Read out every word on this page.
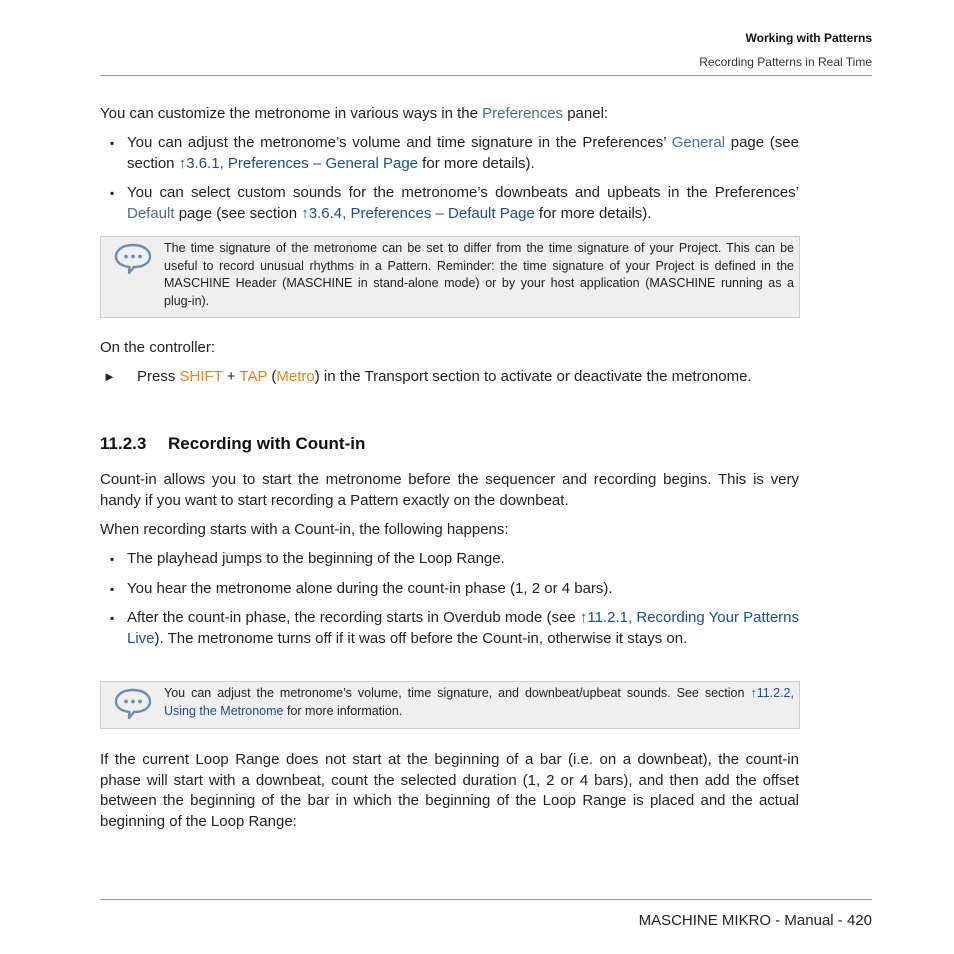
Working with Patterns
Recording Patterns in Real Time
You can customize the metronome in various ways in the Preferences panel:
▪ You can adjust the metronome’s volume and time signature in the Preferences’ General page (see section ↑3.6.1, Preferences – General Page for more details).
▪ You can select custom sounds for the metronome’s downbeats and upbeats in the Preferences’ Default page (see section ↑3.6.4, Preferences – Default Page for more details).
The time signature of the metronome can be set to differ from the time signature of your Project. This can be useful to record unusual rhythms in a Pattern. Reminder: the time signature of your Project is defined in the MASCHINE Header (MASCHINE in stand-alone mode) or by your host application (MASCHINE running as a plug-in).
On the controller:
► Press SHIFT + TAP (Metro) in the Transport section to activate or deactivate the metronome.
11.2.3 Recording with Count-in
Count-in allows you to start the metronome before the sequencer and recording begins. This is very handy if you want to start recording a Pattern exactly on the downbeat.
When recording starts with a Count-in, the following happens:
▪ The playhead jumps to the beginning of the Loop Range.
▪ You hear the metronome alone during the count-in phase (1, 2 or 4 bars).
▪ After the count-in phase, the recording starts in Overdub mode (see ↑11.2.1, Recording Your Patterns Live). The metronome turns off if it was off before the Count-in, otherwise it stays on.
You can adjust the metronome’s volume, time signature, and downbeat/upbeat sounds. See section ↑11.2.2, Using the Metronome for more information.
If the current Loop Range does not start at the beginning of a bar (i.e. on a downbeat), the count-in phase will start with a downbeat, count the selected duration (1, 2 or 4 bars), and then add the offset between the beginning of the bar in which the beginning of the Loop Range is placed and the actual beginning of the Loop Range:
MASCHINE MIKRO - Manual - 420
